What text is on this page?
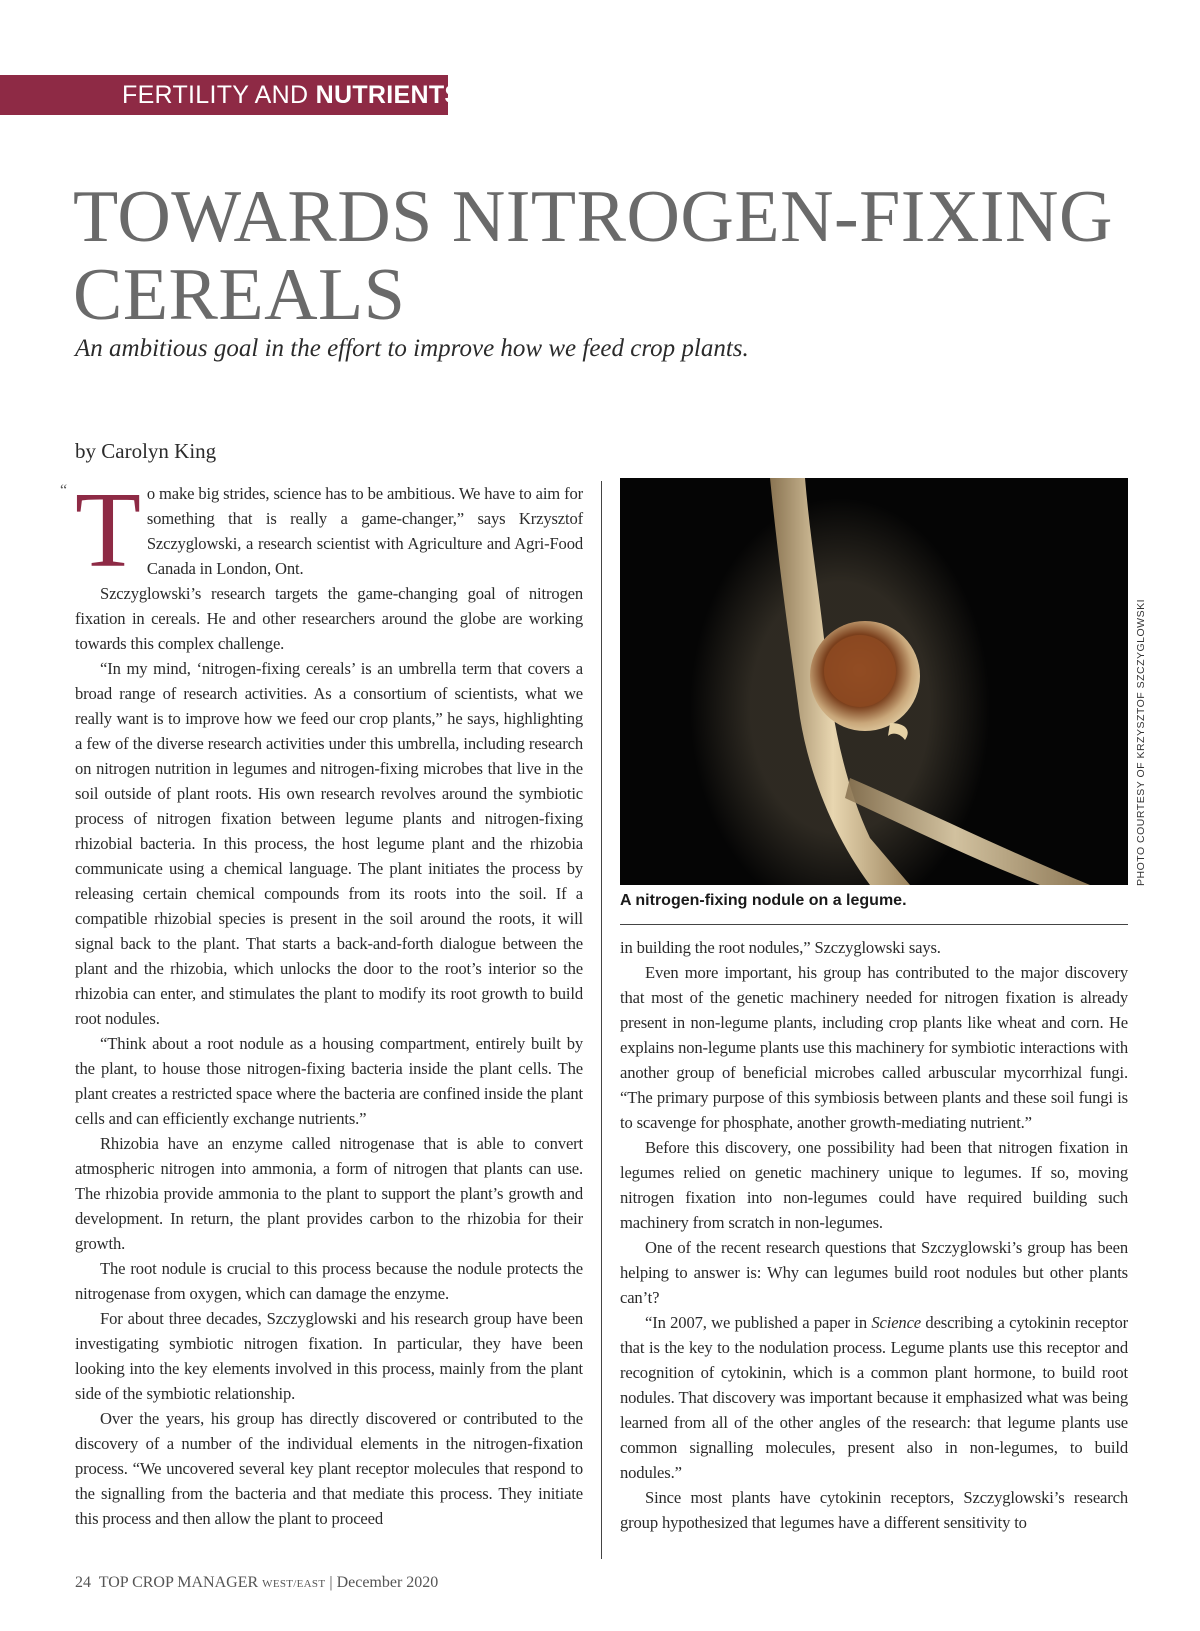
FERTILITY AND NUTRIENTS
TOWARDS NITROGEN-FIXING CEREALS

An ambitious goal in the effort to improve how we feed crop plants.

by Carolyn King

“ To make big strides, science has to be ambitious. We have to aim for something that is really a game-changer,” says Krzysztof Szczyglowski, a research scientist with Agriculture and Agri-Food Canada in London, Ont.

Szczyglowski’s research targets the game-changing goal of nitrogen fixation in cereals. He and other researchers around the globe are working towards this complex challenge.

“In my mind, ‘nitrogen-fixing cereals’ is an umbrella term that covers a broad range of research activities. As a consortium of scientists, what we really want is to improve how we feed our crop plants,” he says, highlighting a few of the diverse research activities under this umbrella, including research on nitrogen nutrition in legumes and nitrogen-fixing microbes that live in the soil outside of plant roots. His own research revolves around the symbiotic process of nitrogen fixation between legume plants and nitrogen-fixing rhizobial bacteria. In this process, the host legume plant and the rhizobia communicate using a chemical language. The plant initiates the process by releasing certain chemical compounds from its roots into the soil. If a compatible rhizobial species is present in the soil around the roots, it will signal back to the plant. That starts a back-and-forth dialogue between the plant and the rhizobia, which unlocks the door to the root’s interior so the rhizobia can enter, and stimulates the plant to modify its root growth to build root nodules.

“Think about a root nodule as a housing compartment, entirely built by the plant, to house those nitrogen-fixing bacteria inside the plant cells. The plant creates a restricted space where the bacteria are confined inside the plant cells and can efficiently exchange nutrients.”

Rhizobia have an enzyme called nitrogenase that is able to convert atmospheric nitrogen into ammonia, a form of nitrogen that plants can use. The rhizobia provide ammonia to the plant to support the plant’s growth and development. In return, the plant provides carbon to the rhizobia for their growth.

The root nodule is crucial to this process because the nodule protects the nitrogenase from oxygen, which can damage the enzyme.

For about three decades, Szczyglowski and his research group have been investigating symbiotic nitrogen fixation. In particular, they have been looking into the key elements involved in this process, mainly from the plant side of the symbiotic relationship.

Over the years, his group has directly discovered or contributed to the discovery of a number of the individual elements in the nitrogen-fixation process. “We uncovered several key plant receptor molecules that respond to the signalling from the bacteria and that mediate this process. They initiate this process and then allow the plant to proceed

PHOTO COURTESY OF KRZYSZTOF SZCZYGLOWSKI

A nitrogen-fixing nodule on a legume.

in building the root nodules,” Szczyglowski says.

Even more important, his group has contributed to the major discovery that most of the genetic machinery needed for nitrogen fixation is already present in non-legume plants, including crop plants like wheat and corn. He explains non-legume plants use this machinery for symbiotic interactions with another group of beneficial microbes called arbuscular mycorrhizal fungi. “The primary purpose of this symbiosis between plants and these soil fungi is to scavenge for phosphate, another growth-mediating nutrient.”

Before this discovery, one possibility had been that nitrogen fixation in legumes relied on genetic machinery unique to legumes. If so, moving nitrogen fixation into non-legumes could have required building such machinery from scratch in non-legumes.

One of the recent research questions that Szczyglowski’s group has been helping to answer is: Why can legumes build root nodules but other plants can’t?

“In 2007, we published a paper in Science describing a cytokinin receptor that is the key to the nodulation process. Legume plants use this receptor and recognition of cytokinin, which is a common plant hormone, to build root nodules. That discovery was important because it emphasized what was being learned from all of the other angles of the research: that legume plants use common signalling molecules, present also in non-legumes, to build nodules.”

Since most plants have cytokinin receptors, Szczyglowski’s research group hypothesized that legumes have a different sensitivity to

24 TOP CROP MANAGER WEST/EAST | December 2020
